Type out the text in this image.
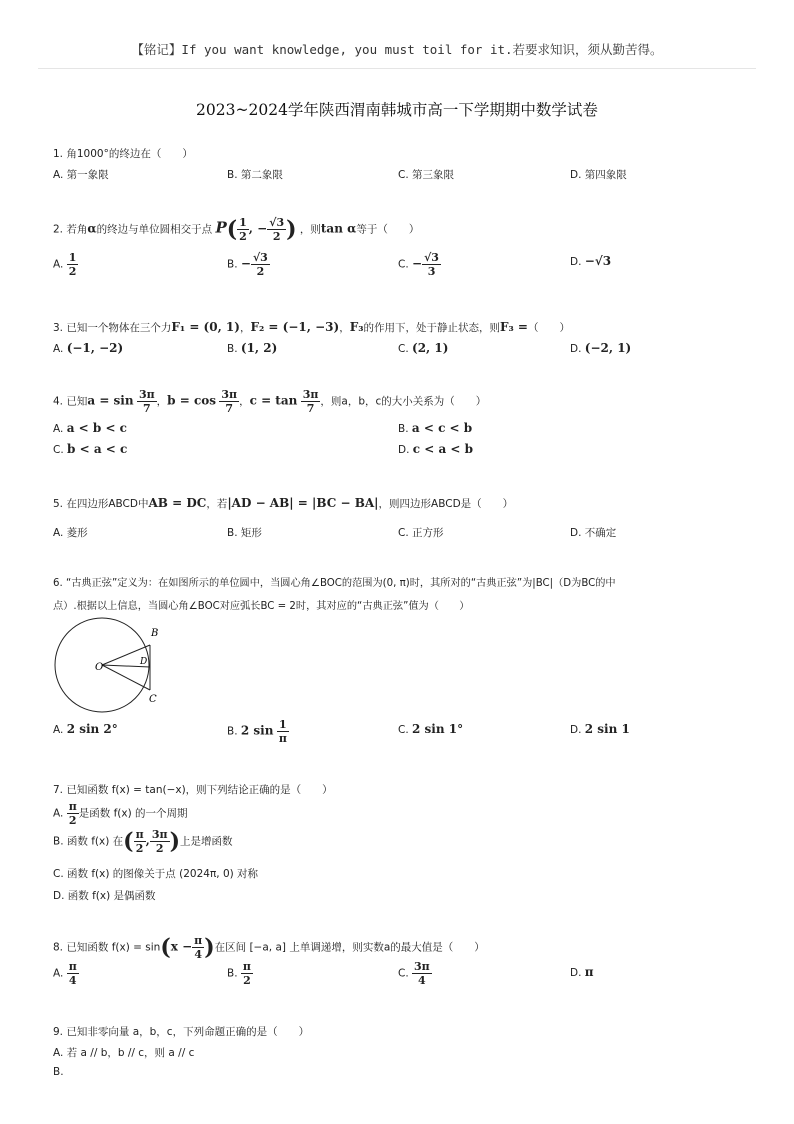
【铭记】If you want knowledge, you must toil for it.若要求知识，须从勤苦得。
2023~2024学年陕西渭南韩城市高一下学期期中数学试卷
1. 角1000°的终边在（　　）
A. 第一象限	B. 第二象限	C. 第三象限	D. 第四象限
2. 若角α的终边与单位圆相交于点 $P( \frac{1}{2}$ , − $\frac{√3}{2}$ ) ，则tan α等于（　　）
A. $\frac{1}{2}$	B. − $\frac{√3}{2}$	C. − $\frac{√3}{3}$	D. −√3
3. 已知一个物体在三个力F₁ = (0, 1)，F₂ = (−1, −3)，F₃的作用下，处于静止状态，则F₃ =（　　）
A. (−1, −2)	B. (1, 2)	C. (2, 1)	D. (−2, 1)
4. 已知$a = \sin \frac{3\pi}{7}$ ，$b = \cos \frac{3\pi}{7}$ ，$c = \tan \frac{3\pi}{7}$ ，则a，b，c的大小关系为（　　）
A. a < b < c	B. a < c < b
C. b < a < c	D. c < a < b
5. 在四边形ABCD中AB = DC，若|AD − AB| = |BC − BA|，则四边形ABCD是（　　）
A. 菱形	B. 矩形	C. 正方形	D. 不确定
6. “古典正弦”定义为：在如图所示的单位圆中，当圆心角∠BOC的范围为(0, π)时，其所对的“古典正弦”为|BC|（D为BC的中
点）.根据以上信息，当圆心角∠BOC对应弧长BC = 2时，其对应的“古典正弦”值为（　　）
O
B
C
D
A. 2 sin 2°	B. 2 $\sin \frac{1}{\pi}$	C. 2 sin 1°	D. 2 sin 1
7. 已知函数 f(x) = tan(−x)，则下列结论正确的是（　　）
A. $\frac{\pi}{2}$ 是函数 f(x) 的一个周期
B. 函数 f(x) 在( $\frac{\pi}{2}$ , $\frac{3\pi}{2}$ )上是增函数
C. 函数 f(x) 的图像关于点 (2024π, 0) 对称
D. 函数 f(x) 是偶函数
8. 已知函数 $f(x) = \sin(x - \frac{\pi}{4}$ )在区间 [−a, a] 上单调递增，则实数a的最大值是（　　）
A. $\frac{\pi}{4}$	B. $\frac{\pi}{2}$	C. $\frac{3\pi}{4}$	D. π
9. 已知非零向量 a，b，c，下列命题正确的是（　　）
A. 若 a // b，b // c，则 a // c
B.
